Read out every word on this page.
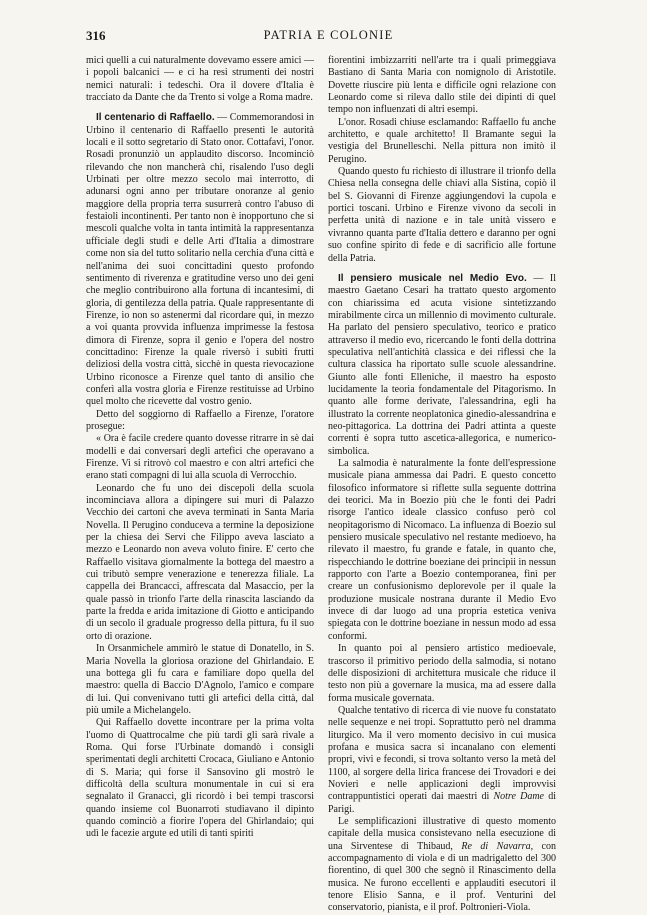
316	PATRIA E COLONIE

mici quelli a cui naturalmente dovevamo essere amici — i popoli balcanici — e ci ha resi strumenti dei nostri nemici naturali: i tedeschi. Ora il dovere d'Italia è tracciato da Dante che da Trento si volge a Roma madre.

Il centenario di Raffaello. — Commemorandosi in Urbino il centenario di Raffaello presenti le autorità locali e il sotto segretario di Stato onor. Cottafavi, l'onor. Rosadi pronunziò un applaudito discorso. Incominciò rilevando che non mancherà chi, risalendo l'uso degli Urbinati per oltre mezzo secolo mai interrotto, di adunarsi ogni anno per tributare onoranze al genio maggiore della propria terra susurrerà contro l'abuso di festaioli incontinenti. Per tanto non è inopportuno che si mescoli qualche volta in tanta intimità la rappresentanza ufficiale degli studi e delle Arti d'Italia a dimostrare come non sia del tutto solitario nella cerchia d'una città e nell'anima dei suoi concittadini questo profondo sentimento di riverenza e gratitudine verso uno dei geni che meglio contribuirono alla fortuna di incantesimi, di gloria, di gentilezza della patria. Quale rappresentante di Firenze, io non so astenermi dal ricordare qui, in mezzo a voi quanta provvida influenza imprimesse la festosa dimora di Firenze, sopra il genio e l'opera del nostro concittadino: Firenze la quale riversò i subiti frutti deliziosi della vostra città, sicchè in questa rievocazione Urbino riconosce a Firenze quel tanto di ansilio che conferì alla vostra gloria e Firenze restituisse ad Urbino quel molto che ricevette dal vostro genio.

Detto del soggiorno di Raffaello a Firenze, l'oratore prosegue:

« Ora è facile credere quanto dovesse ritrarre in sè dai modelli e dai conversari degli artefici che operavano a Firenze. Vi si ritrovò col maestro e con altri artefici che erano stati compagni di lui alla scuola di Verrocchio.

Leonardo che fu uno dei discepoli della scuola incominciava allora a dipingere sui muri di Palazzo Vecchio dei cartoni che aveva terminati in Santa Maria Novella. Il Perugino conduceva a termine la deposizione per la chiesa dei Servi che Filippo aveva lasciato a mezzo e Leonardo non aveva voluto finire. E' certo che Raffaello visitava giornalmente la bottega del maestro a cui tributò sempre venerazione e tenerezza filiale. La cappella dei Brancacci, affrescata dal Masaccio, per la quale passò in trionfo l'arte della rinascita lasciando da parte la fredda e arida imitazione di Giotto e anticipando di un secolo il graduale progresso della pittura, fu il suo orto di orazione.

In Orsanmichele ammirò le statue di Donatello, in S. Maria Novella la gloriosa orazione del Ghirlandaio. E una bottega gli fu cara e familiare dopo quella del maestro: quella di Baccio D'Agnolo, l'amico e compare di lui. Qui convenivano tutti gli artefici della città, dal più umile a Michelangelo.

Qui Raffaello dovette incontrare per la prima volta l'uomo di Quattrocalme che più tardi gli sarà rivale a Roma. Qui forse l'Urbinate domandò i consigli sperimentati degli architetti Crocaca, Giuliano e Antonio di S. Maria; qui forse il Sansovino gli mostrò le difficoltà della scultura monumentale in cui si era segnalato il Granacci, gli ricordò i bei tempi trascorsi quando insieme col Buonarroti studiavano il dipinto quando cominciò a fiorire l'opera del Ghirlandaio; qui udì le facezie argute ed utili di tanti spiriti

fiorentini imbizzarriti nell'arte tra i quali primeggiava Bastiano di Santa Maria con nomignolo di Aristotile. Dovette riuscire più lenta e difficile ogni relazione con Leonardo come si rileva dallo stile dei dipinti di quel tempo non influenzati di altri esempi.

L'onor. Rosadi chiuse esclamando: Raffaello fu anche architetto, e quale architetto! Il Bramante seguì la vestigia del Brunelleschi. Nella pittura non imitò il Perugino.

Quando questo fu richiesto di illustrare il trionfo della Chiesa nella consegna delle chiavi alla Sistina, copiò il bel S. Giovanni di Firenze aggiungendovi la cupola e portici toscani. Urbino e Firenze vivono da secoli in perfetta unità di nazione e in tale unità vissero e vivranno quanta parte d'Italia dettero e daranno per ogni suo confine spirito di fede e di sacrificio alle fortune della Patria.

Il pensiero musicale nel Medio Evo. — Il maestro Gaetano Cesari ha trattato questo argomento con chiarissima ed acuta visione sintetizzando mirabilmente circa un millennio di movimento culturale. Ha parlato del pensiero speculativo, teorico e pratico attraverso il medio evo, ricercando le fonti della dottrina speculativa nell'antichità classica e dei riflessi che la cultura classica ha riportato sulle scuole alessandrine. Giunto alle fonti Elleniche, il maestro ha esposto lucidamente la teoria fondamentale del Pitagorismo. In quanto alle forme derivate, l'alessandrina, egli ha illustrato la corrente neoplatonica ginedio-alessandrina e neo-pittagorica. La dottrina dei Padri attinta a queste correnti è sopra tutto ascetica-allegorica, e numerico-simbolica.

La salmodia è naturalmente la fonte dell'espressione musicale piana ammessa dai Padri. E questo concetto filosofico informatore si riflette sulla seguente dottrina dei teorici. Ma in Boezio più che le fonti dei Padri risorge l'antico ideale classico confuso però col neopitagorismo di Nicomaco. La influenza di Boezio sul pensiero musicale speculativo nel restante medioevo, ha rilevato il maestro, fu grande e fatale, in quanto che, rispecchiando le dottrine boeziane dei principii in nessun rapporto con l'arte a Boezio contemporanea, finì per creare un confusionismo deplorevole per il quale la produzione musicale nostrana durante il Medio Evo invece di dar luogo ad una propria estetica veniva spiegata con le dottrine boeziane in nessun modo ad essa conformi.

In quanto poi al pensiero artistico medioevale, trascorso il primitivo periodo della salmodia, si notano delle disposizioni di architettura musicale che riduce il testo non più a governare la musica, ma ad essere dalla forma musicale governata.

Qualche tentativo di ricerca di vie nuove fu constatato nelle sequenze e nei tropi. Soprattutto però nel dramma liturgico. Ma il vero momento decisivo in cui musica profana e musica sacra si incanalano con elementi propri, vivi e fecondi, si trova soltanto verso la metà del 1100, al sorgere della lirica francese dei Trovadori e dei Novieri e nelle applicazioni degli improvvisi contrappuntistici operati dai maestri di Notre Dame di Parigi.

Le semplificazioni illustrative di questo momento capitale della musica consistevano nella esecuzione di una Sirventese di Thibaud, Re di Navarra, con accompagnamento di viola e di un madrigaletto del 300 fiorentino, di quel 300 che segnò il Rinascimento della musica. Ne furono eccellenti e applauditi esecutori il tenore Elisio Sanna, e il prof. Venturini del conservatorio, pianista, e il prof. Poltronieri-Viola.
